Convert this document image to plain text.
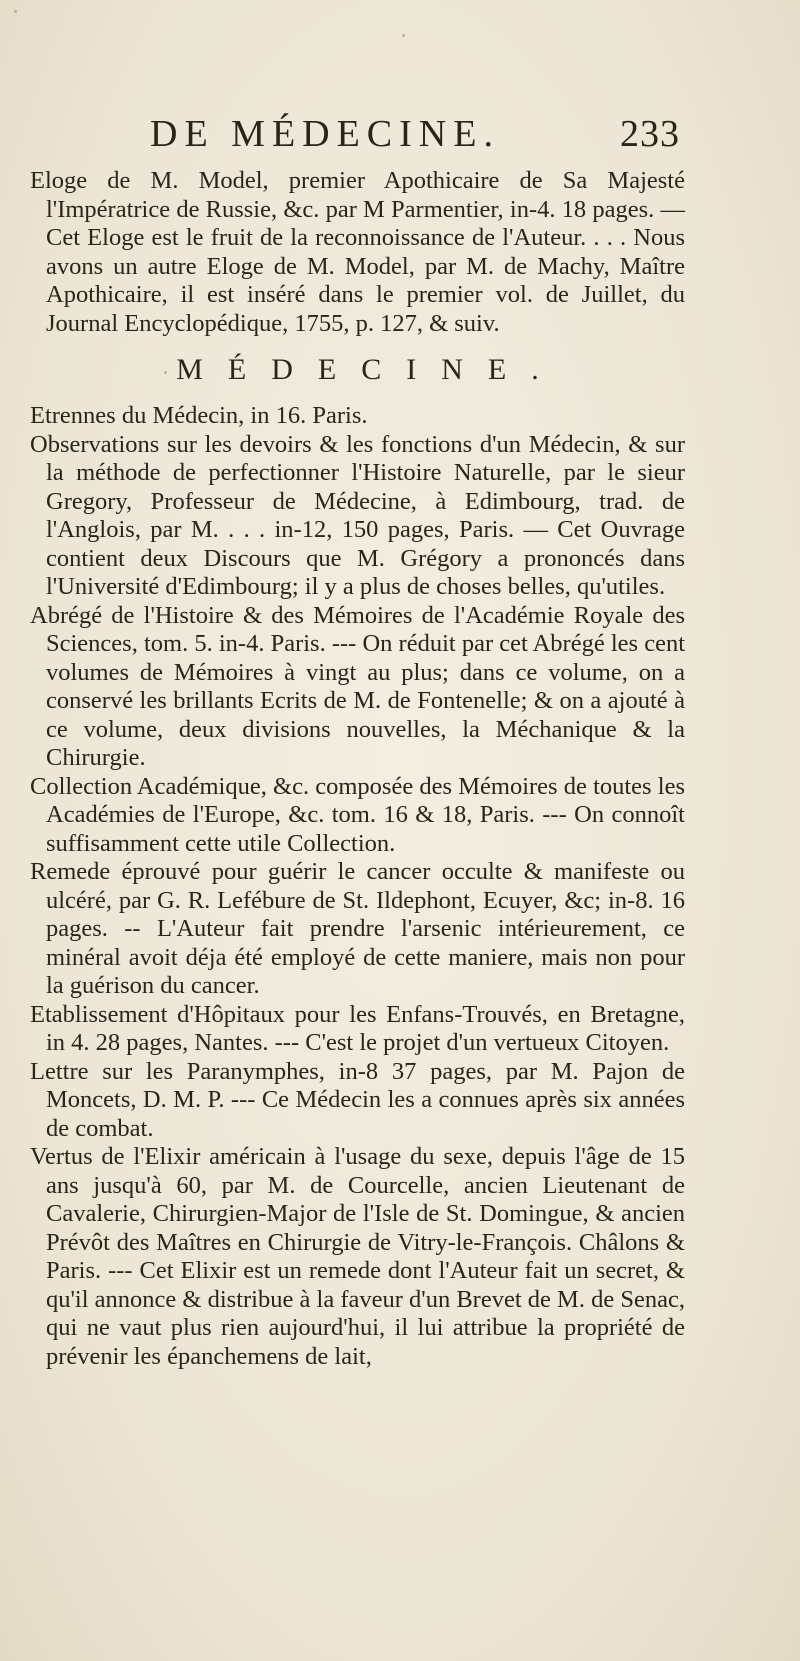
DE MÉDECINE.	233

Eloge de M. Model, premier Apothicaire de Sa Majesté l'Impératrice de Russie, &c. par M Parmentier, in-4. 18 pages. — Cet Eloge est le fruit de la reconnoissance de l'Auteur. . . . Nous avons un autre Eloge de M. Model, par M. de Machy, Maître Apothicaire, il est inséré dans le premier vol. de Juillet, du Journal Encyclopédique, 1755, p. 127, & suiv.

MÉDECINE.

Etrennes du Médecin, in 16. Paris.

Observations sur les devoirs & les fonctions d'un Médecin, & sur la méthode de perfectionner l'Histoire Naturelle, par le sieur Gregory, Professeur de Médecine, à Edimbourg, trad. de l'Anglois, par M. . . . in-12, 150 pages, Paris. — Cet Ouvrage contient deux Discours que M. Grégory a prononcés dans l'Université d'Edimbourg; il y a plus de choses belles, qu'utiles.

Abrégé de l'Histoire & des Mémoires de l'Académie Royale des Sciences, tom. 5. in-4. Paris. --- On réduit par cet Abrégé les cent volumes de Mémoires à vingt au plus; dans ce volume, on a conservé les brillants Ecrits de M. de Fontenelle; & on a ajouté à ce volume, deux divisions nouvelles, la Méchanique & la Chirurgie.

Collection Académique, &c. composée des Mémoires de toutes les Académies de l'Europe, &c. tom. 16 & 18, Paris. --- On connoît suffisamment cette utile Collection.

Remede éprouvé pour guérir le cancer occulte & manifeste ou ulcéré, par G. R. Lefébure de St. Ildephont, Ecuyer, &c; in-8. 16 pages. -- L'Auteur fait prendre l'arsenic intérieurement, ce minéral avoit déja été employé de cette maniere, mais non pour la guérison du cancer.

Etablissement d'Hôpitaux pour les Enfans-Trouvés, en Bretagne, in 4. 28 pages, Nantes. --- C'est le projet d'un vertueux Citoyen.

Lettre sur les Paranymphes, in-8 37 pages, par M. Pajon de Moncets, D. M. P. --- Ce Médecin les a connues après six années de combat.

Vertus de l'Elixir américain à l'usage du sexe, depuis l'âge de 15 ans jusqu'à 60, par M. de Courcelle, ancien Lieutenant de Cavalerie, Chirurgien-Major de l'Isle de St. Domingue, & ancien Prévôt des Maîtres en Chirurgie de Vitry-le-François. Châlons & Paris. --- Cet Elixir est un remede dont l'Auteur fait un secret, & qu'il annonce & distribue à la faveur d'un Brevet de M. de Senac, qui ne vaut plus rien aujourd'hui, il lui attribue la propriété de prévenir les épanchemens de lait,
